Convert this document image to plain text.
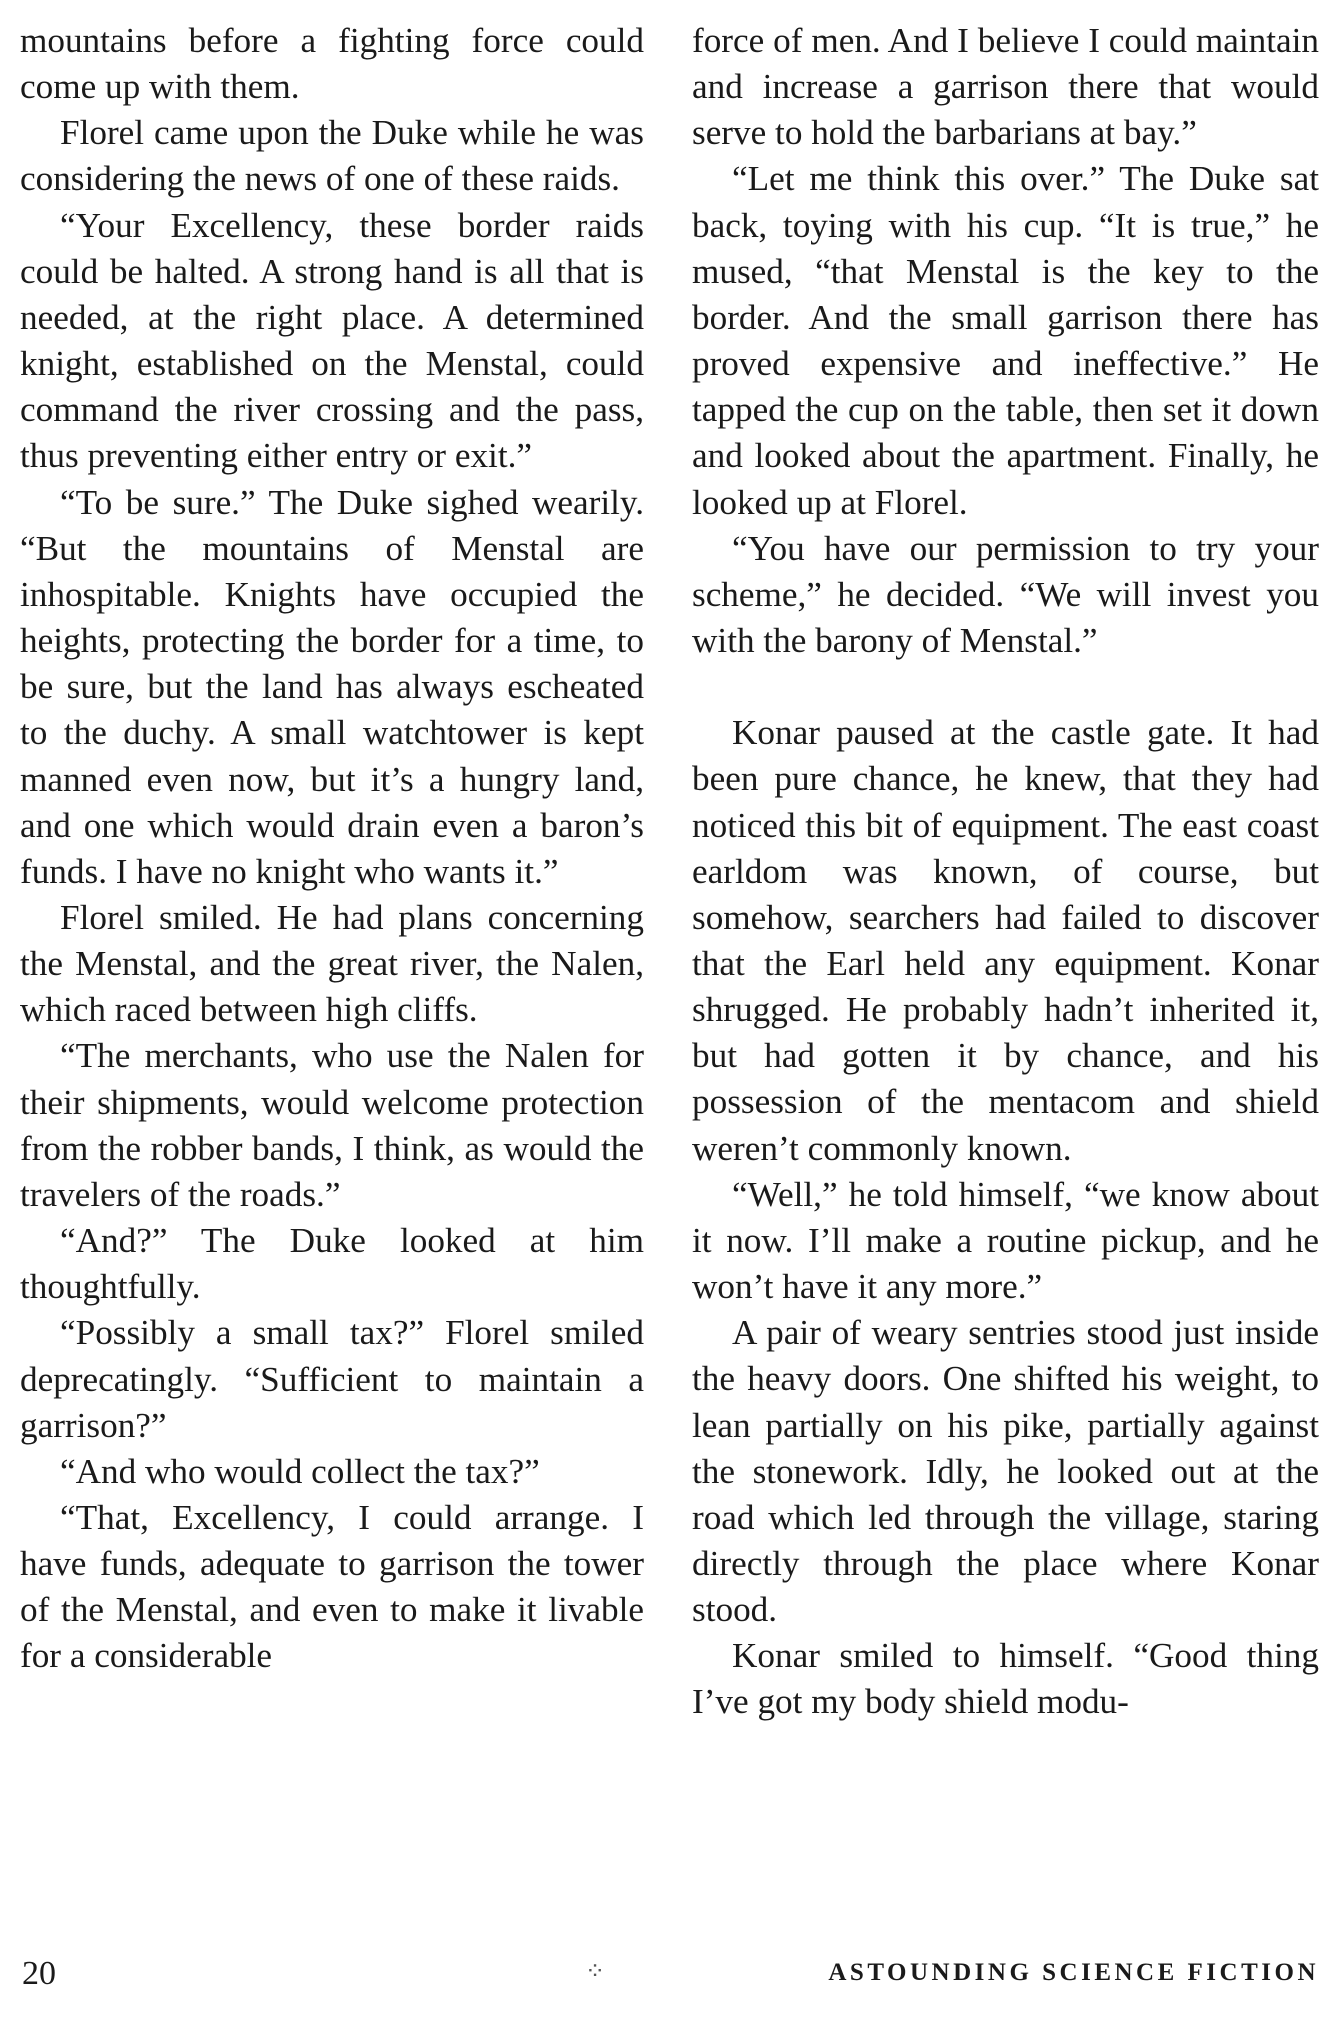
mountains before a fighting force could come up with them.

Florel came upon the Duke while he was considering the news of one of these raids.

“Your Excellency, these border raids could be halted. A strong hand is all that is needed, at the right place. A determined knight, established on the Menstal, could command the river crossing and the pass, thus preventing either entry or exit.”

“To be sure.” The Duke sighed wearily. “But the mountains of Menstal are inhospitable. Knights have occupied the heights, protecting the border for a time, to be sure, but the land has always escheated to the duchy. A small watchtower is kept manned even now, but it’s a hungry land, and one which would drain even a baron’s funds. I have no knight who wants it.”

Florel smiled. He had plans concerning the Menstal, and the great river, the Nalen, which raced between high cliffs.

“The merchants, who use the Nalen for their shipments, would welcome protection from the robber bands, I think, as would the travelers of the roads.”

“And?” The Duke looked at him thoughtfully.

“Possibly a small tax?” Florel smiled deprecatingly. “Sufficient to maintain a garrison?”

“And who would collect the tax?”

“That, Excellency, I could arrange. I have funds, adequate to garrison the tower of the Menstal, and even to make it livable for a considerable

force of men. And I believe I could maintain and increase a garrison there that would serve to hold the barbarians at bay.”

“Let me think this over.” The Duke sat back, toying with his cup. “It is true,” he mused, “that Menstal is the key to the border. And the small garrison there has proved expensive and ineffective.” He tapped the cup on the table, then set it down and looked about the apartment. Finally, he looked up at Florel.

“You have our permission to try your scheme,” he decided. “We will invest you with the barony of Menstal.”

Konar paused at the castle gate. It had been pure chance, he knew, that they had noticed this bit of equipment. The east coast earldom was known, of course, but somehow, searchers had failed to discover that the Earl held any equipment. Konar shrugged. He probably hadn’t inherited it, but had gotten it by chance, and his possession of the mentacom and shield weren’t commonly known.

“Well,” he told himself, “we know about it now. I’ll make a routine pickup, and he won’t have it any more.”

A pair of weary sentries stood just inside the heavy doors. One shifted his weight, to lean partially on his pike, partially against the stonework. Idly, he looked out at the road which led through the village, staring directly through the place where Konar stood.

Konar smiled to himself. “Good thing I’ve got my body shield modu-

20	⁘	ASTOUNDING SCIENCE FICTION
